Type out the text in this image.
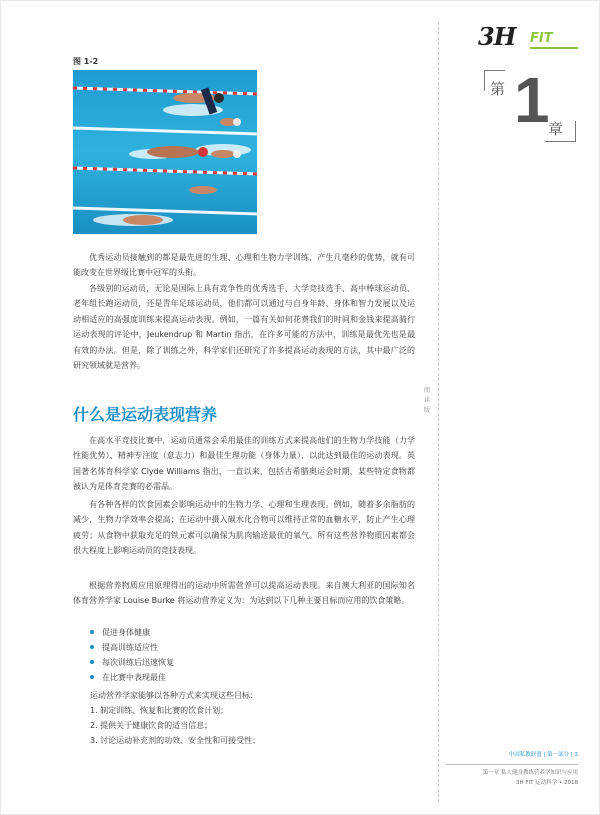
图 1-2
3H FIT
第 1
章
阅
读
版

优秀运动员接触到的都是最先进的生理、心理和生物力学训练，产生几毫秒的优势，就有可能改变在世界级比赛中冠军的头衔。

各级别的运动员，无论是国际上具有竞争性的优秀选手、大学竞技选手、高中棒球运动员、老年组长跑运动员，还是青年足球运动员，他们都可以通过与自身年龄、身体和智力发展以及运动相适应的高强度训练来提高运动表现。例如，一篇有关如何花费我们的时间和金钱来提高骑行运动表现的评论中，Jeukendrup 和 Martin 指出，在许多可能的方法中，训练是最优先也是最有效的办法。但是，除了训练之外，科学家们还研究了许多提高运动表现的方法，其中最广泛的研究领域就是营养。

什么是运动表现营养

在高水平竞技比赛中，运动员通常会采用最佳的训练方式来提高他们的生物力学技能（力学性能优势）、精神专注度（意志力）和最佳生理功能（身体力量），以此达到最佳的运动表现。英国著名体育科学家 Clyde Williams 指出，一直以来，包括古希腊奥运会时期，某些特定食物都被认为是体育竞赛的必需品。

有各种各样的饮食因素会影响运动中的生物力学、心理和生理表现。例如，随着多余脂肪的减少，生物力学效率会提高；在运动中摄入碳水化合物可以维持正常的血糖水平，防止产生心理疲劳；从食物中获取充足的铁元素可以确保为肌肉输送最优的氧气。所有这些营养物质因素都会很大程度上影响运动员的竞技表现。

根据营养物质应用原理得出的运动中所需营养可以提高运动表现。来自澳大利亚的国际知名体育营养学家 Louise Burke 将运动营养定义为：为达到以下几种主要目标而应用的饮食策略。

促进身体健康
提高训练适应性
每次训练后迅速恢复
在比赛中表现最佳
运动营养学家能够以各种方式来实现这些目标：
1. 制定训练、恢复和比赛的饮食计划；
2. 提供关于健康饮食的适当信息；
3. 讨论运动补充剂的功效、安全性和可接受性；
中国私教联盟 | 第一部分 | 3
第一章 私人健身教练营养学知识与应用
3H FIT 运动科学 • 2018
